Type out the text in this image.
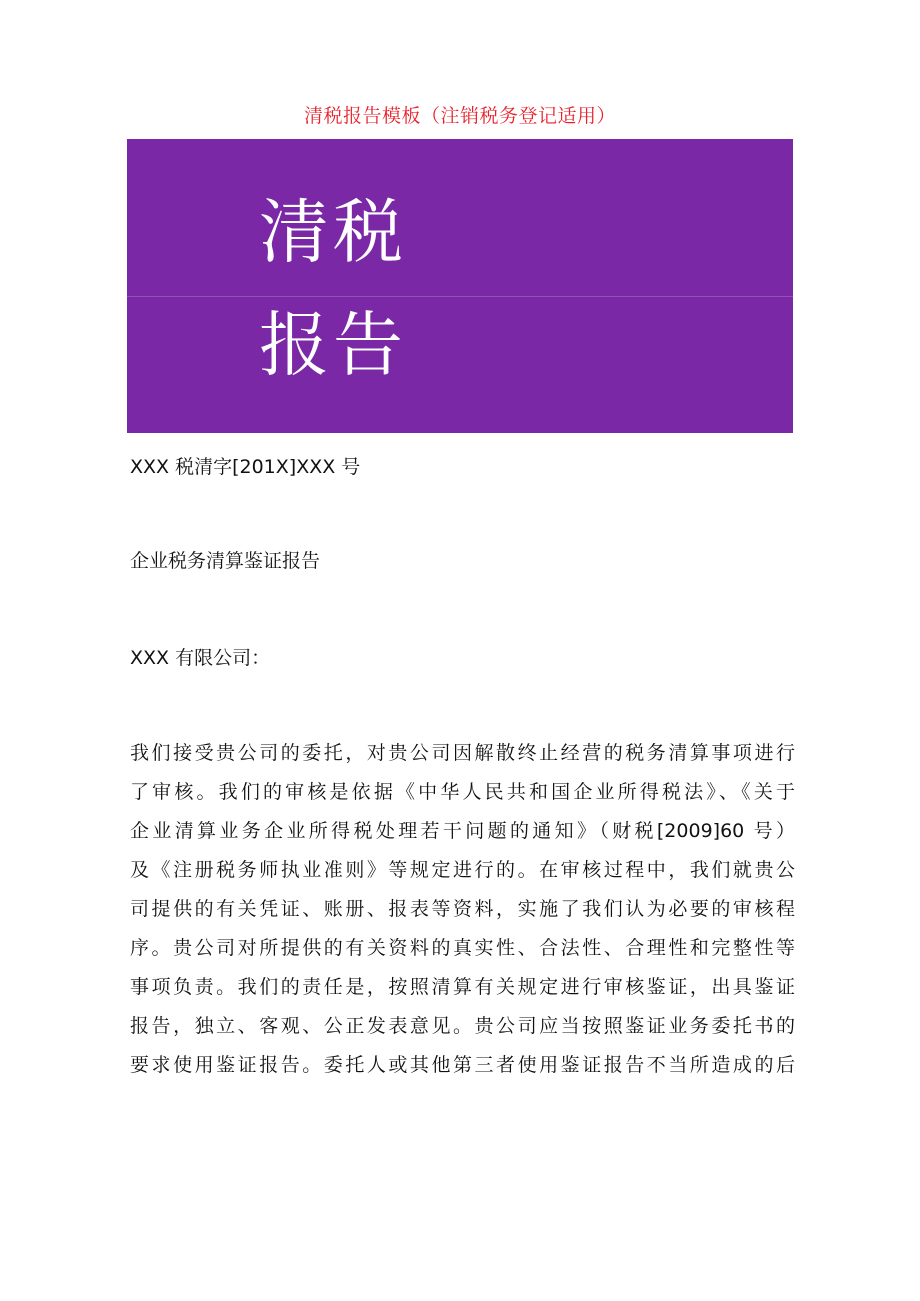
清税报告模板（注销税务登记适用）
清税
报告
XXX 税清字[201X]XXX 号
企业税务清算鉴证报告
XXX 有限公司：
我们接受贵公司的委托，对贵公司因解散终止经营的税务清算事项进行
了审核。我们的审核是依据《中华人民共和国企业所得税法》、《关于
企业清算业务企业所得税处理若干问题的通知》（财税[2009]60 号）
及《注册税务师执业准则》等规定进行的。在审核过程中，我们就贵公
司提供的有关凭证、账册、报表等资料，实施了我们认为必要的审核程
序。贵公司对所提供的有关资料的真实性、合法性、合理性和完整性等
事项负责。我们的责任是，按照清算有关规定进行审核鉴证，出具鉴证
报告，独立、客观、公正发表意见。贵公司应当按照鉴证业务委托书的
要求使用鉴证报告。委托人或其他第三者使用鉴证报告不当所造成的后
